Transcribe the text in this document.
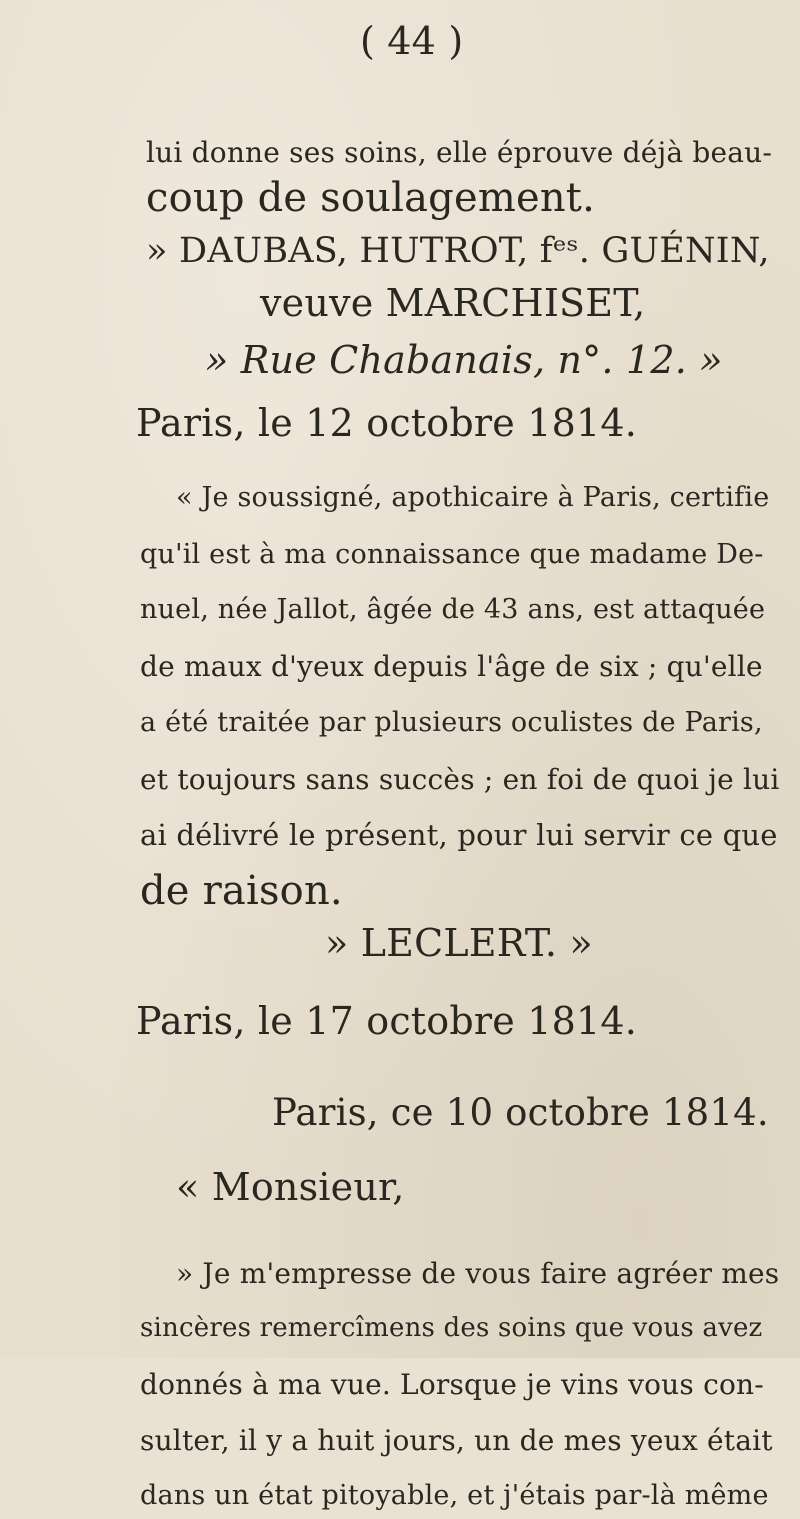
( 44 )
lui donne ses soins, elle éprouve déjà beau-
coup de soulagement.
» DAUBAS, HUTROT, fᵉˢ. GUÉNIN,
veuve MARCHISET,
» Rue Chabanais, n°. 12. »
Paris, le 12 octobre 1814.
« Je soussigné, apothicaire à Paris, certifie
qu'il est à ma connaissance que madame De-
nuel, née Jallot, âgée de 43 ans, est attaquée
de maux d'yeux depuis l'âge de six ; qu'elle
a été traitée par plusieurs oculistes de Paris,
et toujours sans succès ; en foi de quoi je lui
ai délivré le présent, pour lui servir ce que
de raison.
» LECLERT. »
Paris, le 17 octobre 1814.
Paris, ce 10 octobre 1814.
« Monsieur,
» Je m'empresse de vous faire agréer mes
sincères remercîmens des soins que vous avez
donnés à ma vue. Lorsque je vins vous con-
sulter, il y a huit jours, un de mes yeux était
dans un état pitoyable, et j'étais par-là même
